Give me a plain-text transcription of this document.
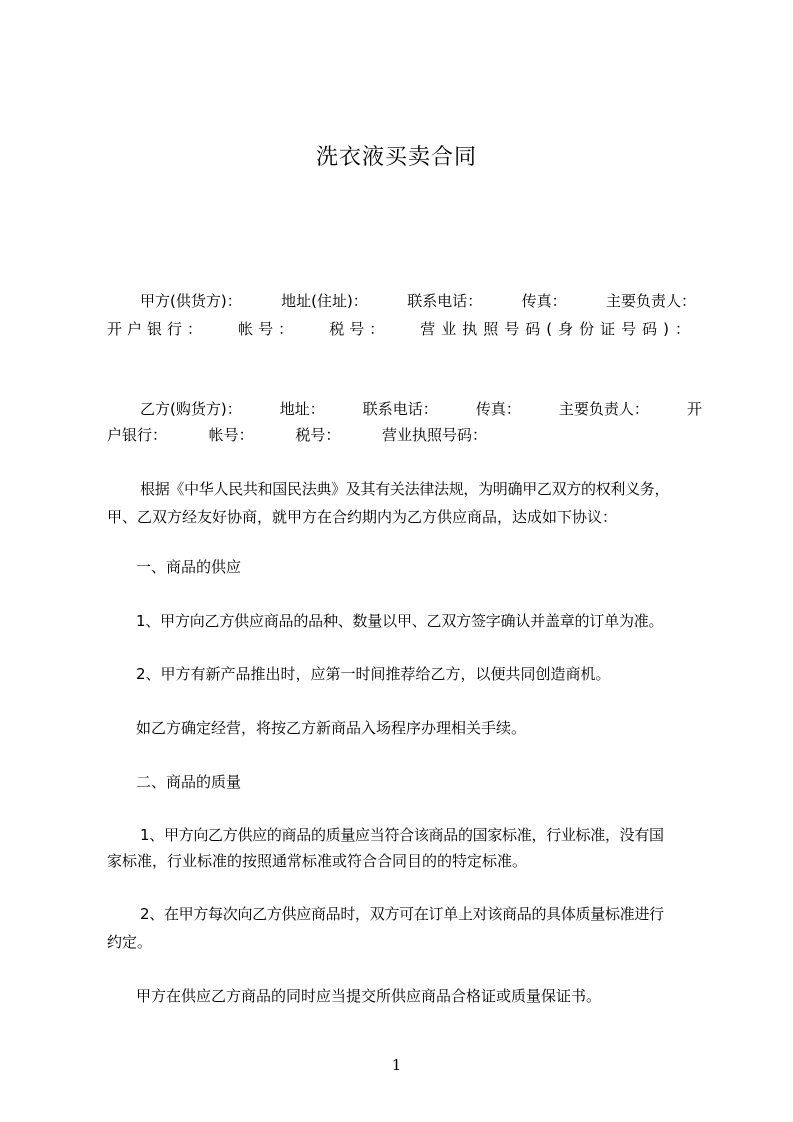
洗衣液买卖合同
甲方(供货方)：	地址(住址)：	联系电话：	传真：	主要负责人：
开户银行： 帐号： 税号： 营业执照号码(身份证号码)：
乙方(购货方)：	地址：	联系电话：	传真：	主要负责人：	开
户银行：	帐号：	税号：	营业执照号码：
根据《中华人民共和国民法典》及其有关法律法规，为明确甲乙双方的权利义务，
甲、乙双方经友好协商，就甲方在合约期内为乙方供应商品，达成如下协议：
一、商品的供应
1、甲方向乙方供应商品的品种、数量以甲、乙双方签字确认并盖章的订单为准。
2、甲方有新产品推出时，应第一时间推荐给乙方，以便共同创造商机。
如乙方确定经营，将按乙方新商品入场程序办理相关手续。
二、商品的质量
1、甲方向乙方供应的商品的质量应当符合该商品的国家标准，行业标准，没有国
家标准，行业标准的按照通常标准或符合合同目的的特定标准。
2、在甲方每次向乙方供应商品时，双方可在订单上对该商品的具体质量标准进行
约定。
甲方在供应乙方商品的同时应当提交所供应商品合格证或质量保证书。
1
